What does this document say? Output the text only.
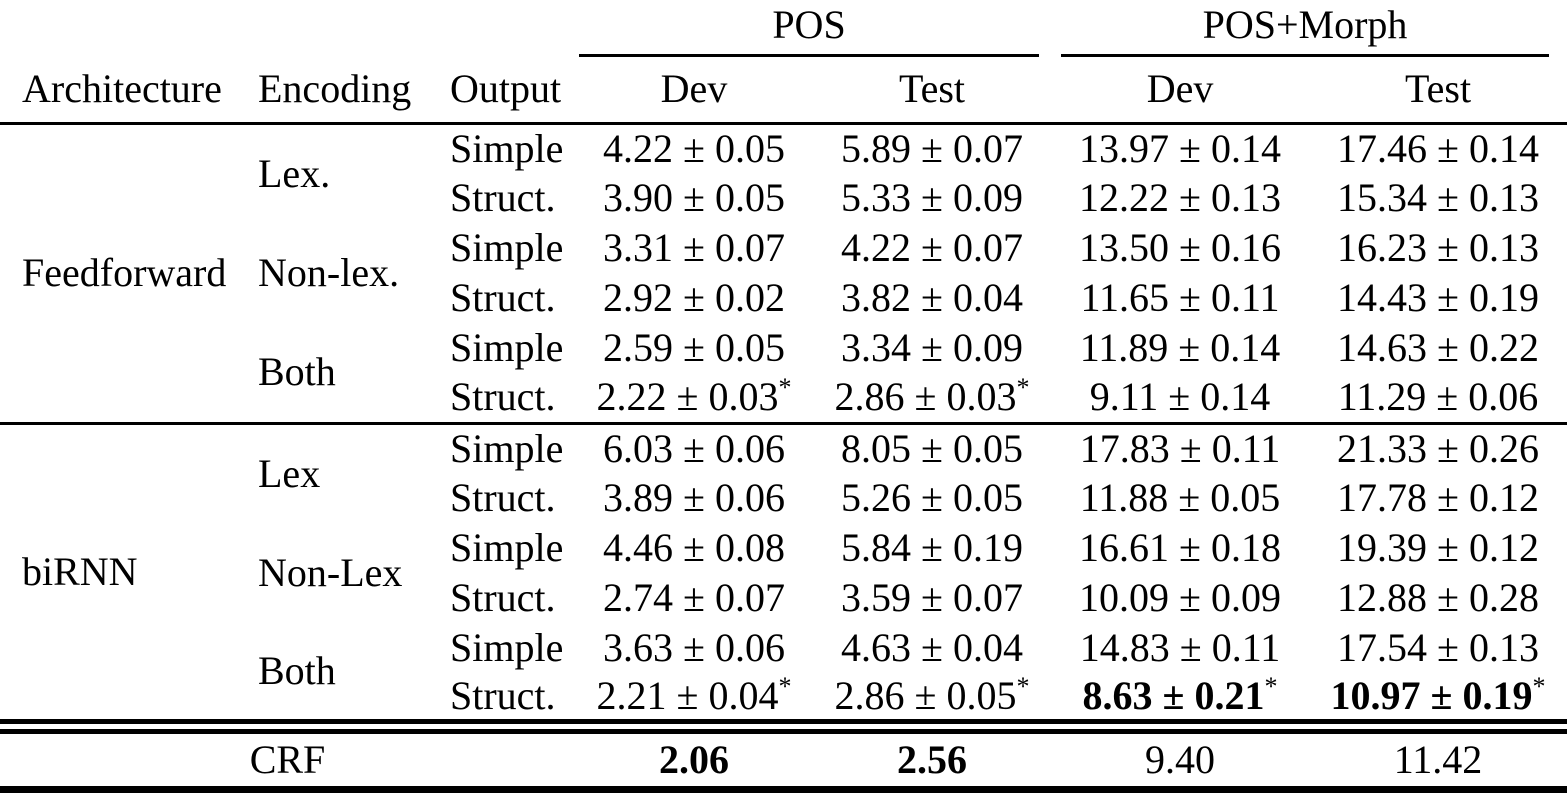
			POS		POS+Morph	

Architecture	Encoding	Output	Dev	Test	Dev	Test
Feedforward	Lex.	Simple	4.22 ± 0.05	5.89 ± 0.07	13.97 ± 0.14	17.46 ± 0.14
		Struct.	3.90 ± 0.05	5.33 ± 0.09	12.22 ± 0.13	15.34 ± 0.13
	Non-lex.	Simple	3.31 ± 0.07	4.22 ± 0.07	13.50 ± 0.16	16.23 ± 0.13
		Struct.	2.92 ± 0.02	3.82 ± 0.04	11.65 ± 0.11	14.43 ± 0.19
	Both	Simple	2.59 ± 0.05	3.34 ± 0.09	11.89 ± 0.14	14.63 ± 0.22
		Struct.	2.22 ± 0.03*	2.86 ± 0.03*	9.11 ± 0.14	11.29 ± 0.06
biRNN	Lex	Simple	6.03 ± 0.06	8.05 ± 0.05	17.83 ± 0.11	21.33 ± 0.26
		Struct.	3.89 ± 0.06	5.26 ± 0.05	11.88 ± 0.05	17.78 ± 0.12
	Non-Lex	Simple	4.46 ± 0.08	5.84 ± 0.19	16.61 ± 0.18	19.39 ± 0.12
		Struct.	2.74 ± 0.07	3.59 ± 0.07	10.09 ± 0.09	12.88 ± 0.28
	Both	Simple	3.63 ± 0.06	4.63 ± 0.04	14.83 ± 0.11	17.54 ± 0.13
		Struct.	2.21 ± 0.04*	2.86 ± 0.05*	8.63 ± 0.21*	10.97 ± 0.19*
CRF			2.06	2.56	9.40	11.42
